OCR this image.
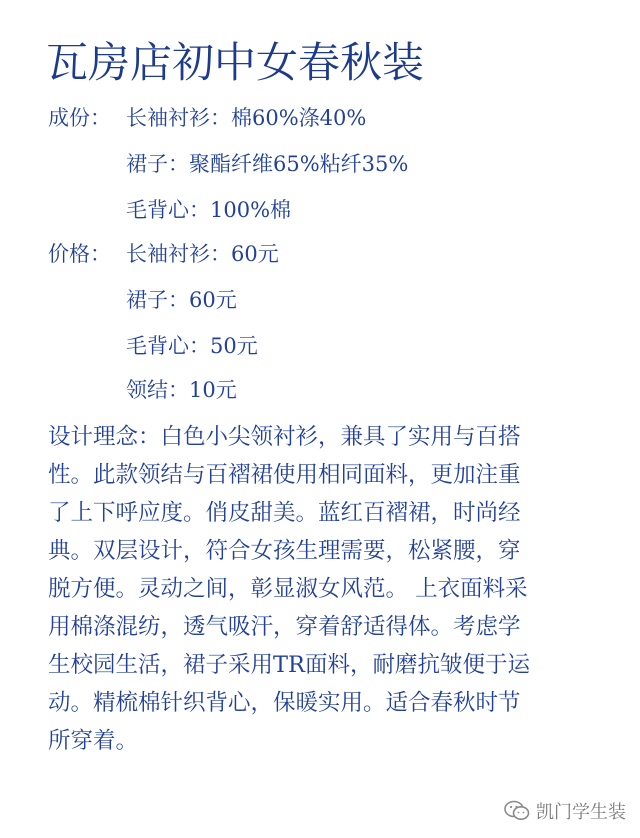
瓦房店初中女春秋装
成份： 长袖衬衫：棉60%涤40%
裙子：聚酯纤维65%粘纤35%
毛背心：100%棉
价格： 长袖衬衫：60元
裙子：60元
毛背心：50元
领结：10元
设计理念：白色小尖领衬衫，兼具了实用与百搭
性。此款领结与百褶裙使用相同面料，更加注重
了上下呼应度。俏皮甜美。蓝红百褶裙，时尚经
典。双层设计，符合女孩生理需要，松紧腰，穿
脱方便。灵动之间，彰显淑女风范。 上衣面料采
用棉涤混纺，透气吸汗，穿着舒适得体。考虑学
生校园生活，裙子采用TR面料，耐磨抗皱便于运
动。精梳棉针织背心，保暖实用。适合春秋时节
所穿着。
凯门学生装
